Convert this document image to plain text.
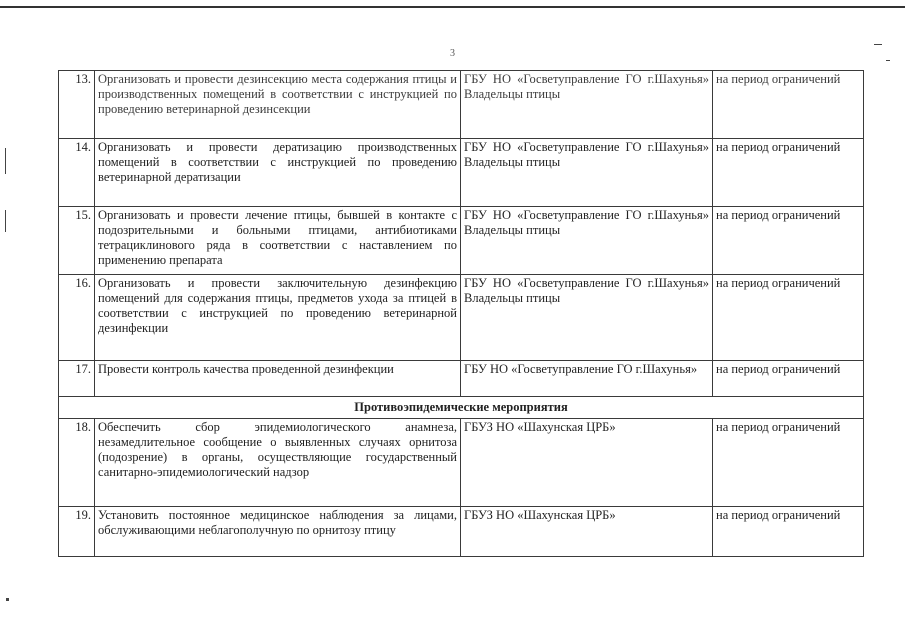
3
13.	Организовать и провести дезинсекцию места содержания птицы и производственных помещений в соответствии с инструкцией по проведению ветеринарной дезинсекции	ГБУ НО «Госветуправление ГО г.Шахунья» Владельцы птицы	на период ограничений
14.	Организовать и провести дератизацию производственных помещений в соответствии с инструкцией по проведению ветеринарной дератизации	ГБУ НО «Госветуправление ГО г.Шахунья» Владельцы птицы	на период ограничений
15.	Организовать и провести лечение птицы, бывшей в контакте с подозрительными и больными птицами, антибиотиками тетрациклинового ряда в соответствии с наставлением по применению препарата	ГБУ НО «Госветуправление ГО г.Шахунья» Владельцы птицы	на период ограничений
16.	Организовать и провести заключительную дезинфекцию помещений для содержания птицы, предметов ухода за птицей в соответствии с инструкцией по проведению ветеринарной дезинфекции	ГБУ НО «Госветуправление ГО г.Шахунья» Владельцы птицы	на период ограничений
17.	Провести контроль качества проведенной дезинфекции	ГБУ НО «Госветуправление ГО г.Шахунья»	на период ограничений
Противоэпидемические мероприятия			
18.	Обеспечить сбор эпидемиологического анамнеза, незамедлительное сообщение о выявленных случаях орнитоза (подозрение) в органы, осуществляющие государственный санитарно-эпидемиологический надзор	ГБУЗ НО «Шахунская ЦРБ»	на период ограничений
19.	Установить постоянное медицинское наблюдения за лицами, обслуживающими неблагополучную по орнитозу птицу	ГБУЗ НО «Шахунская ЦРБ»	на период ограничений
